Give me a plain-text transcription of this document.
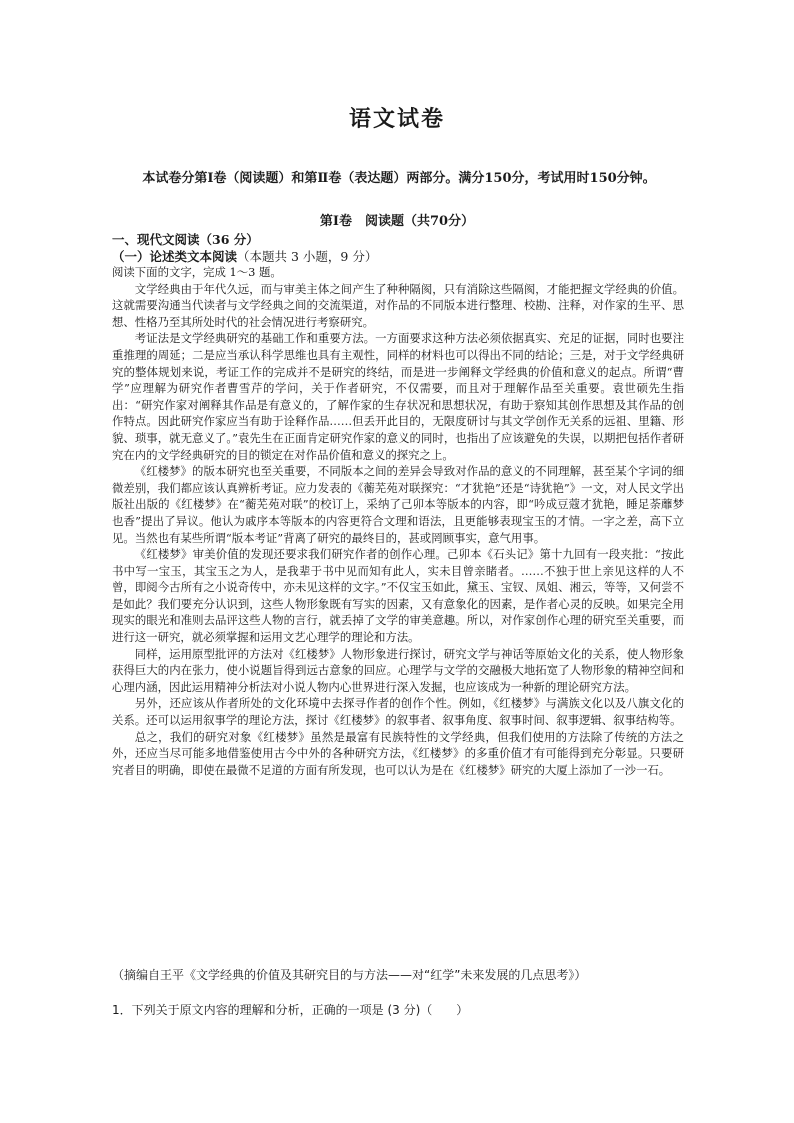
语文试卷
本试卷分第Ⅰ卷（阅读题）和第Ⅱ卷（表达题）两部分。满分150分，考试用时150分钟。
第Ⅰ卷　阅读题（共70分）
一、现代文阅读（36 分）
（一）论述类文本阅读（本题共 3 小题，9 分）

阅读下面的文字，完成 1～3 题。

文学经典由于年代久远，而与审美主体之间产生了种种隔阂，只有消除这些隔阂，才能把握文学经典的价值。这就需要沟通当代读者与文学经典之间的交流渠道，对作品的不同版本进行整理、校勘、注释，对作家的生平、思想、性格乃至其所处时代的社会情况进行考察研究。

考证法是文学经典研究的基础工作和重要方法。一方面要求这种方法必须依据真实、充足的证据，同时也要注重推理的周延；二是应当承认科学思维也具有主观性，同样的材料也可以得出不同的结论；三是，对于文学经典研究的整体规划来说，考证工作的完成并不是研究的终结，而是进一步阐释文学经典的价值和意义的起点。所谓“曹学”应理解为研究作者曹雪芹的学问，关于作者研究，不仅需要，而且对于理解作品至关重要。袁世硕先生指出：“研究作家对阐释其作品是有意义的，了解作家的生存状况和思想状况，有助于察知其创作思想及其作品的创作特点。因此研究作家应当有助于诠释作品……但丢开此目的，无限度研讨与其文学创作无关系的远祖、里籍、形貌、琐事，就无意义了。”袁先生在正面肯定研究作家的意义的同时，也指出了应该避免的失误，以期把包括作者研究在内的文学经典研究的目的锁定在对作品价值和意义的探究之上。

《红楼梦》的版本研究也至关重要，不同版本之间的差异会导致对作品的意义的不同理解，甚至某个字词的细微差别，我们都应该认真辨析考证。应力发表的《蘅芜苑对联探究：“才犹艳”还是“诗犹艳”》一文，对人民文学出版社出版的《红楼梦》在“蘅芜苑对联”的校订上，采纳了己卯本等版本的内容，即“吟成豆蔻才犹艳，睡足荼蘼梦也香”提出了异议。他认为戚序本等版本的内容更符合文理和语法，且更能够表现宝玉的才情。一字之差，高下立见。当然也有某些所谓“版本考证”背离了研究的最终目的，甚或罔顾事实，意气用事。

《红楼梦》审美价值的发现还要求我们研究作者的创作心理。己卯本《石头记》第十九回有一段夹批：“按此书中写一宝玉，其宝玉之为人，是我辈于书中见而知有此人，实未目曾亲睹者。……不独于世上亲见这样的人不曾，即阅今古所有之小说奇传中，亦未见这样的文字。”不仅宝玉如此，黛玉、宝钗、凤姐、湘云，等等，又何尝不是如此？我们要充分认识到，这些人物形象既有写实的因素，又有意象化的因素，是作者心灵的反映。如果完全用现实的眼光和准则去品评这些人物的言行，就丢掉了文学的审美意趣。所以，对作家创作心理的研究至关重要，而进行这一研究，就必须掌握和运用文艺心理学的理论和方法。

同样，运用原型批评的方法对《红楼梦》人物形象进行探讨，研究文学与神话等原始文化的关系，使人物形象获得巨大的内在张力，使小说题旨得到远古意象的回应。心理学与文学的交融极大地拓宽了人物形象的精神空间和心理内涵，因此运用精神分析法对小说人物内心世界进行深入发掘，也应该成为一种新的理论研究方法。

另外，还应该从作者所处的文化环境中去探寻作者的创作个性。例如，《红楼梦》与满族文化以及八旗文化的关系。还可以运用叙事学的理论方法，探讨《红楼梦》的叙事者、叙事角度、叙事时间、叙事逻辑、叙事结构等。

总之，我们的研究对象《红楼梦》虽然是最富有民族特性的文学经典，但我们使用的方法除了传统的方法之外，还应当尽可能多地借鉴使用古今中外的各种研究方法，《红楼梦》的多重价值才有可能得到充分彰显。只要研究者目的明确，即使在最微不足道的方面有所发现，也可以认为是在《红楼梦》研究的大厦上添加了一沙一石。

（摘编自王平《文学经典的价值及其研究目的与方法——对“红学”未来发展的几点思考》）
1．下列关于原文内容的理解和分析，正确的一项是 (3 分)（　　）
